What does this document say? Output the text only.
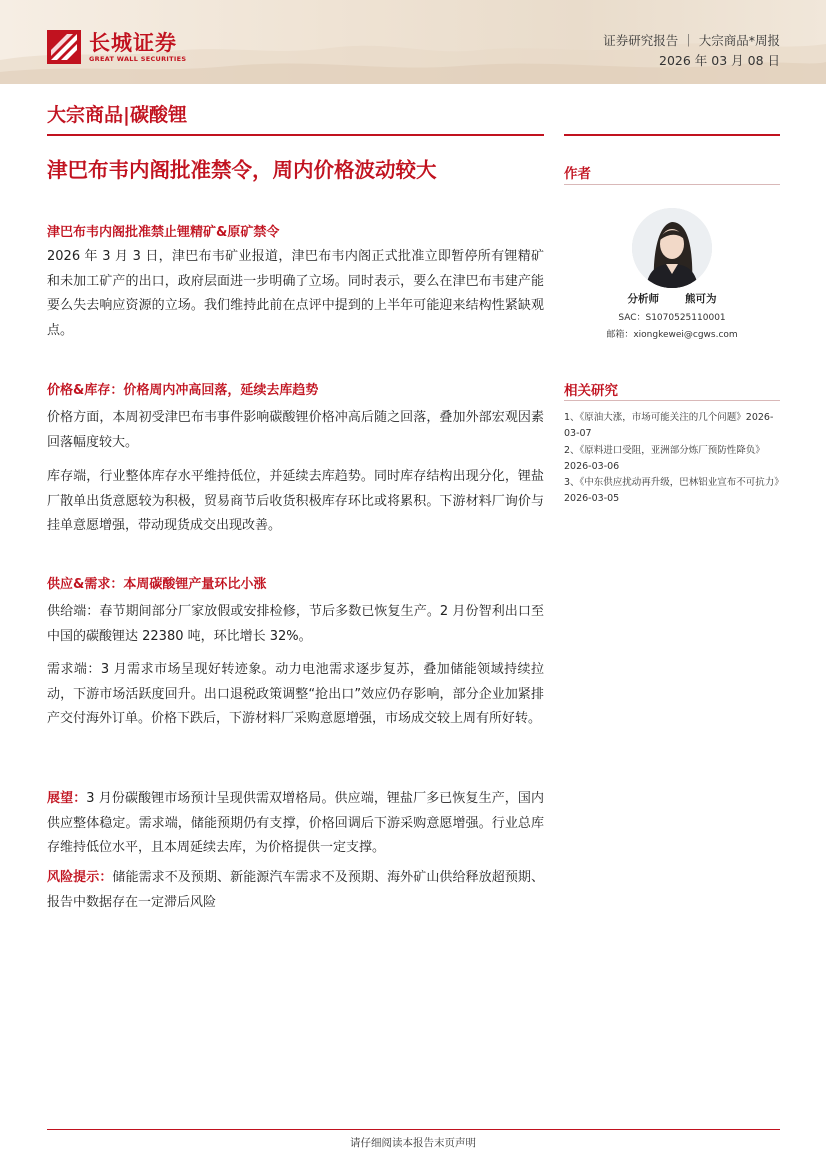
长城证券
GREAT WALL SECURITIES
证券研究报告 ｜ 大宗商品*周报
2026 年 03 月 08 日
大宗商品|碳酸锂
津巴布韦内阁批准禁令，周内价格波动较大
津巴布韦内阁批准禁止锂精矿&原矿禁令
2026 年 3 月 3 日，津巴布韦矿业报道，津巴布韦内阁正式批准立即暂停所有锂精矿和未加工矿产的出口，政府层面进一步明确了立场。同时表示，要么在津巴布韦建产能要么失去响应资源的立场。我们维持此前在点评中提到的上半年可能迎来结构性紧缺观点。
价格&库存：价格周内冲高回落，延续去库趋势
价格方面，本周初受津巴布韦事件影响碳酸锂价格冲高后随之回落，叠加外部宏观因素回落幅度较大。
库存端，行业整体库存水平维持低位，并延续去库趋势。同时库存结构出现分化，锂盐厂散单出货意愿较为积极，贸易商节后收货积极库存环比或将累积。下游材料厂询价与挂单意愿增强，带动现货成交出现改善。
供应&需求：本周碳酸锂产量环比小涨
供给端：春节期间部分厂家放假或安排检修，节后多数已恢复生产。2 月份智利出口至中国的碳酸锂达 22380 吨，环比增长 32%。
需求端：3 月需求市场呈现好转迹象。动力电池需求逐步复苏，叠加储能领域持续拉动，下游市场活跃度回升。出口退税政策调整“抢出口”效应仍存影响，部分企业加紧排产交付海外订单。价格下跌后，下游材料厂采购意愿增强，市场成交较上周有所好转。
展望：3 月份碳酸锂市场预计呈现供需双增格局。供应端，锂盐厂多已恢复生产，国内供应整体稳定。需求端，储能预期仍有支撑，价格回调后下游采购意愿增强。行业总库存维持低位水平，且本周延续去库，为价格提供一定支撑。
风险提示：储能需求不及预期、新能源汽车需求不及预期、海外矿山供给释放超预期、报告中数据存在一定滞后风险
作者
分析师 熊可为
SAC：S1070525110001
邮箱：xiongkewei@cgws.com
相关研究
1、《原油大涨，市场可能关注的几个问题》2026-03-07
2、《原料进口受阻，亚洲部分炼厂预防性降负》2026-03-06
3、《中东供应扰动再升级，巴林铝业宣布不可抗力》2026-03-05
请仔细阅读本报告末页声明
